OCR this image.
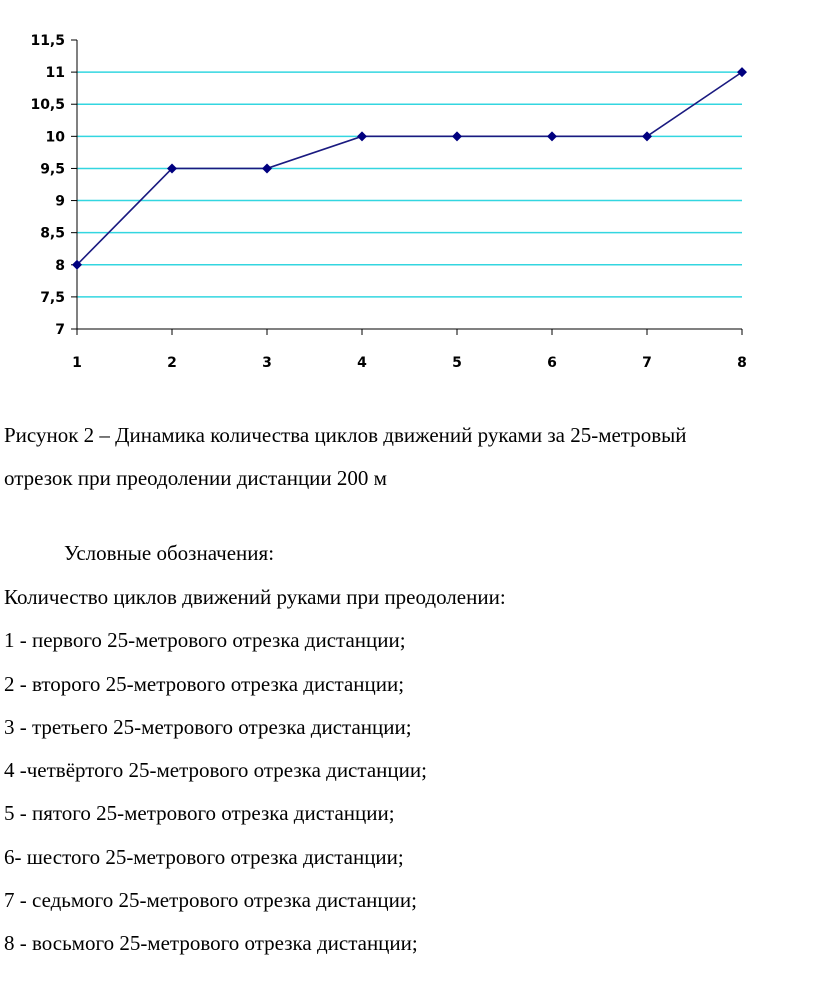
7
7,5
8
8,5
9
9,5
10
10,5
11
11,5
1	2	3	4	5	6	7	8
Рисунок 2 – Динамика количества циклов движений руками за 25-метровый
отрезок при преодолении дистанции 200 м
Условные обозначения:
Количество циклов движений руками при преодолении:
1 - первого 25-метрового отрезка дистанции;
2 - второго 25-метрового отрезка дистанции;
3 - третьего 25-метрового отрезка дистанции;
4 -четвёртого 25-метрового отрезка дистанции;
5 - пятого 25-метрового отрезка дистанции;
6- шестого 25-метрового отрезка дистанции;
7 - седьмого 25-метрового отрезка дистанции;
8 - восьмого 25-метрового отрезка дистанции;
